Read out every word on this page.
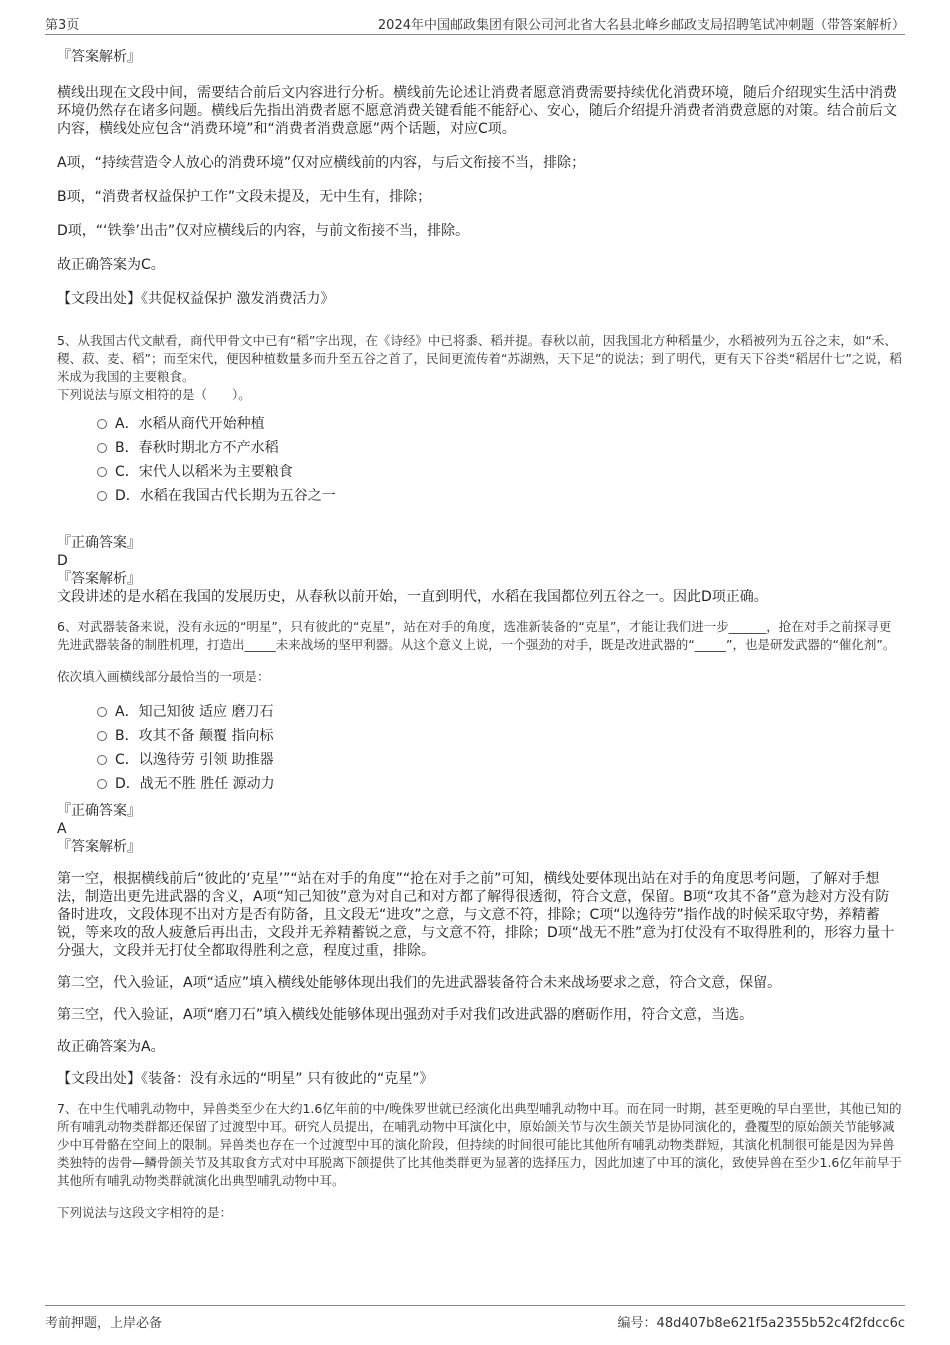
第3页	2024年中国邮政集团有限公司河北省大名县北峰乡邮政支局招聘笔试冲刺题（带答案解析）

『答案解析』

横线出现在文段中间，需要结合前后文内容进行分析。横线前先论述让消费者愿意消费需要持续优化消费环境，随后介绍现实生活中消费环境仍然存在诸多问题。横线后先指出消费者愿不愿意消费关键看能不能舒心、安心，随后介绍提升消费者消费意愿的对策。结合前后文内容，横线处应包含“消费环境”和“消费者消费意愿”两个话题，对应C项。

A项，“持续营造令人放心的消费环境”仅对应横线前的内容，与后文衔接不当，排除；

B项，“消费者权益保护工作”文段未提及，无中生有，排除；

D项，“‘铁拳’出击”仅对应横线后的内容，与前文衔接不当，排除。

故正确答案为C。

【文段出处】《共促权益保护 激发消费活力》

5、从我国古代文献看，商代甲骨文中已有“稻”字出现，在《诗经》中已将黍、稻并提。春秋以前，因我国北方种稻量少，水稻被列为五谷之末，如“禾、稷、菽、麦、稻”；而至宋代，便因种植数量多而升至五谷之首了，民间更流传着“苏湖熟，天下足”的说法；到了明代，更有天下谷类“稻居什七”之说，稻米成为我国的主要粮食。

下列说法与原文相符的是（　　）。

A．水稻从商代开始种植

B．春秋时期北方不产水稻

C．宋代人以稻米为主要粮食

D．水稻在我国古代长期为五谷之一

『正确答案』

D

『答案解析』

文段讲述的是水稻在我国的发展历史，从春秋以前开始，一直到明代，水稻在我国都位列五谷之一。因此D项正确。

6、对武器装备来说，没有永远的“明星”，只有彼此的“克星”，站在对手的角度，选准新装备的“克星”，才能让我们进一步______，抢在对手之前探寻更先进武器装备的制胜机理，打造出_____未来战场的坚甲利器。从这个意义上说，一个强劲的对手，既是改进武器的“_____”，也是研发武器的“催化剂”。

依次填入画横线部分最恰当的一项是：

A．知己知彼 适应 磨刀石

B．攻其不备 颠覆 指向标

C．以逸待劳 引领 助推器

D．战无不胜 胜任 源动力

『正确答案』

A

『答案解析』

第一空，根据横线前后“彼此的‘克星’”“站在对手的角度”“抢在对手之前”可知，横线处要体现出站在对手的角度思考问题，了解对手想法，制造出更先进武器的含义，A项“知己知彼”意为对自己和对方都了解得很透彻，符合文意，保留。B项“攻其不备”意为趁对方没有防备时进攻，文段体现不出对方是否有防备，且文段无“进攻”之意，与文意不符，排除；C项“以逸待劳”指作战的时候采取守势，养精蓄锐，等来攻的敌人疲惫后再出击，文段并无养精蓄锐之意，与文意不符，排除；D项“战无不胜”意为打仗没有不取得胜利的，形容力量十分强大，文段并无打仗全都取得胜利之意，程度过重，排除。

第二空，代入验证，A项“适应”填入横线处能够体现出我们的先进武器装备符合未来战场要求之意，符合文意，保留。

第三空，代入验证，A项“磨刀石”填入横线处能够体现出强劲对手对我们改进武器的磨砺作用，符合文意，当选。

故正确答案为A。

【文段出处】《装备：没有永远的“明星” 只有彼此的“克星”》

7、在中生代哺乳动物中，异兽类至少在大约1.6亿年前的中/晚侏罗世就已经演化出典型哺乳动物中耳。而在同一时期，甚至更晚的早白垩世，其他已知的所有哺乳动物类群都还保留了过渡型中耳。研究人员提出，在哺乳动物中耳演化中，原始颌关节与次生颌关节是协同演化的，叠覆型的原始颌关节能够减少中耳骨骼在空间上的限制。异兽类也存在一个过渡型中耳的演化阶段，但持续的时间很可能比其他所有哺乳动物类群短，其演化机制很可能是因为异兽类独特的齿骨—鳞骨颌关节及其取食方式对中耳脱离下颌提供了比其他类群更为显著的选择压力，因此加速了中耳的演化，致使异兽在至少1.6亿年前早于其他所有哺乳动物类群就演化出典型哺乳动物中耳。

下列说法与这段文字相符的是：

考前押题，上岸必备	编号：48d407b8e621f5a2355b52c4f2fdcc6c
